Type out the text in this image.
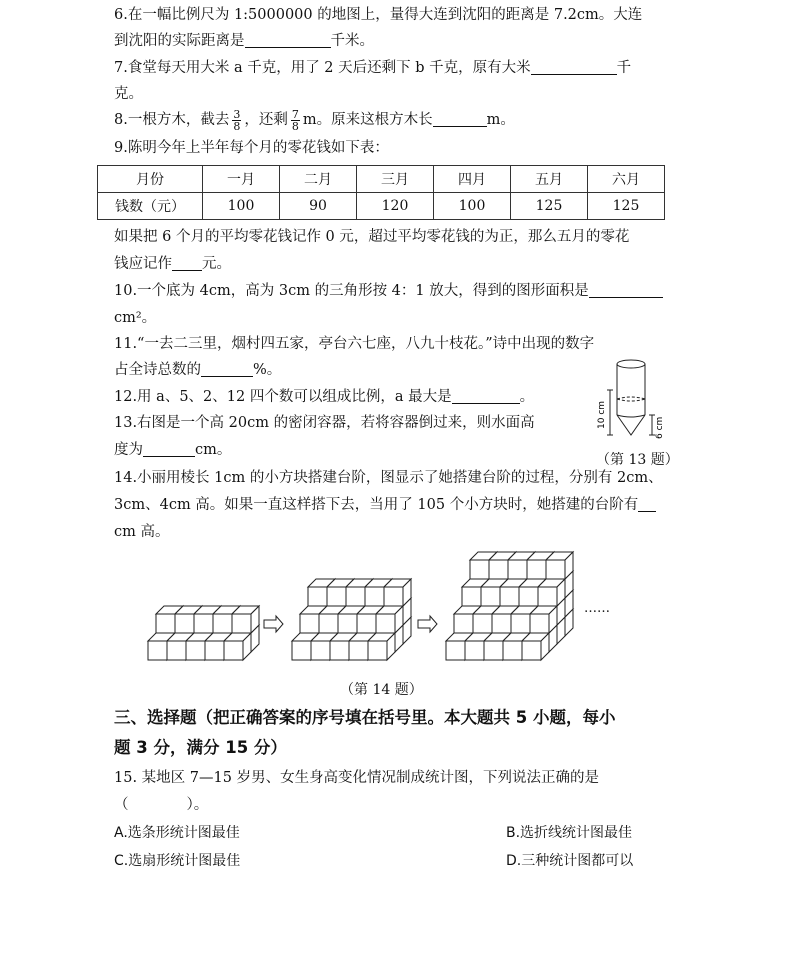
6.在一幅比例尺为 1:5000000 的地图上，量得大连到沈阳的距离是 7.2cm。大连
到沈阳的实际距离是	千米。
7.食堂每天用大米 a 千克，用了 2 天后还剩下 b 千克，原有大米	千
克。
8.一根方木，截去 $\frac{3}{8}$ ，还剩 $\frac{7}{8}$ m。原来这根方木长	m。
9.陈明今年上半年每个月的零花钱如下表：
月份	一月	二月	三月	四月	五月	六月
钱数（元）	100	90	120	100	125	125
如果把 6 个月的平均零花钱记作 0 元，超过平均零花钱的为正，那么五月的零花
钱应记作 元。
10.一个底为 4cm，高为 3cm 的三角形按 4：1 放大，得到的图形面积是
cm²。
11.“一去二三里，烟村四五家，亭台六七座，八九十枝花。”诗中出现的数字
占全诗总数的	%。
12.用 a、5、2、12 四个数可以组成比例，a 最大是	。
13.右图是一个高 20cm 的密闭容器，若将容器倒过来，则水面高
度为	cm。
10 cm	6 cm
（第 13 题）
14.小丽用棱长 1cm 的小方块搭建台阶，图显示了她搭建台阶的过程，分别有 2cm、
3cm、4cm 高。如果一直这样搭下去，当用了 105 个小方块时，她搭建的台阶有
cm 高。
……
（第 14 题）
三、选择题（把正确答案的序号填在括号里。本大题共 5 小题，每小
题 3 分，满分 15 分）
15. 某地区 7—15 岁男、女生身高变化情况制成统计图，下列说法正确的是
（　　　　）。
A.选条形统计图最佳	B.选折线统计图最佳
C.选扇形统计图最佳	D.三种统计图都可以
